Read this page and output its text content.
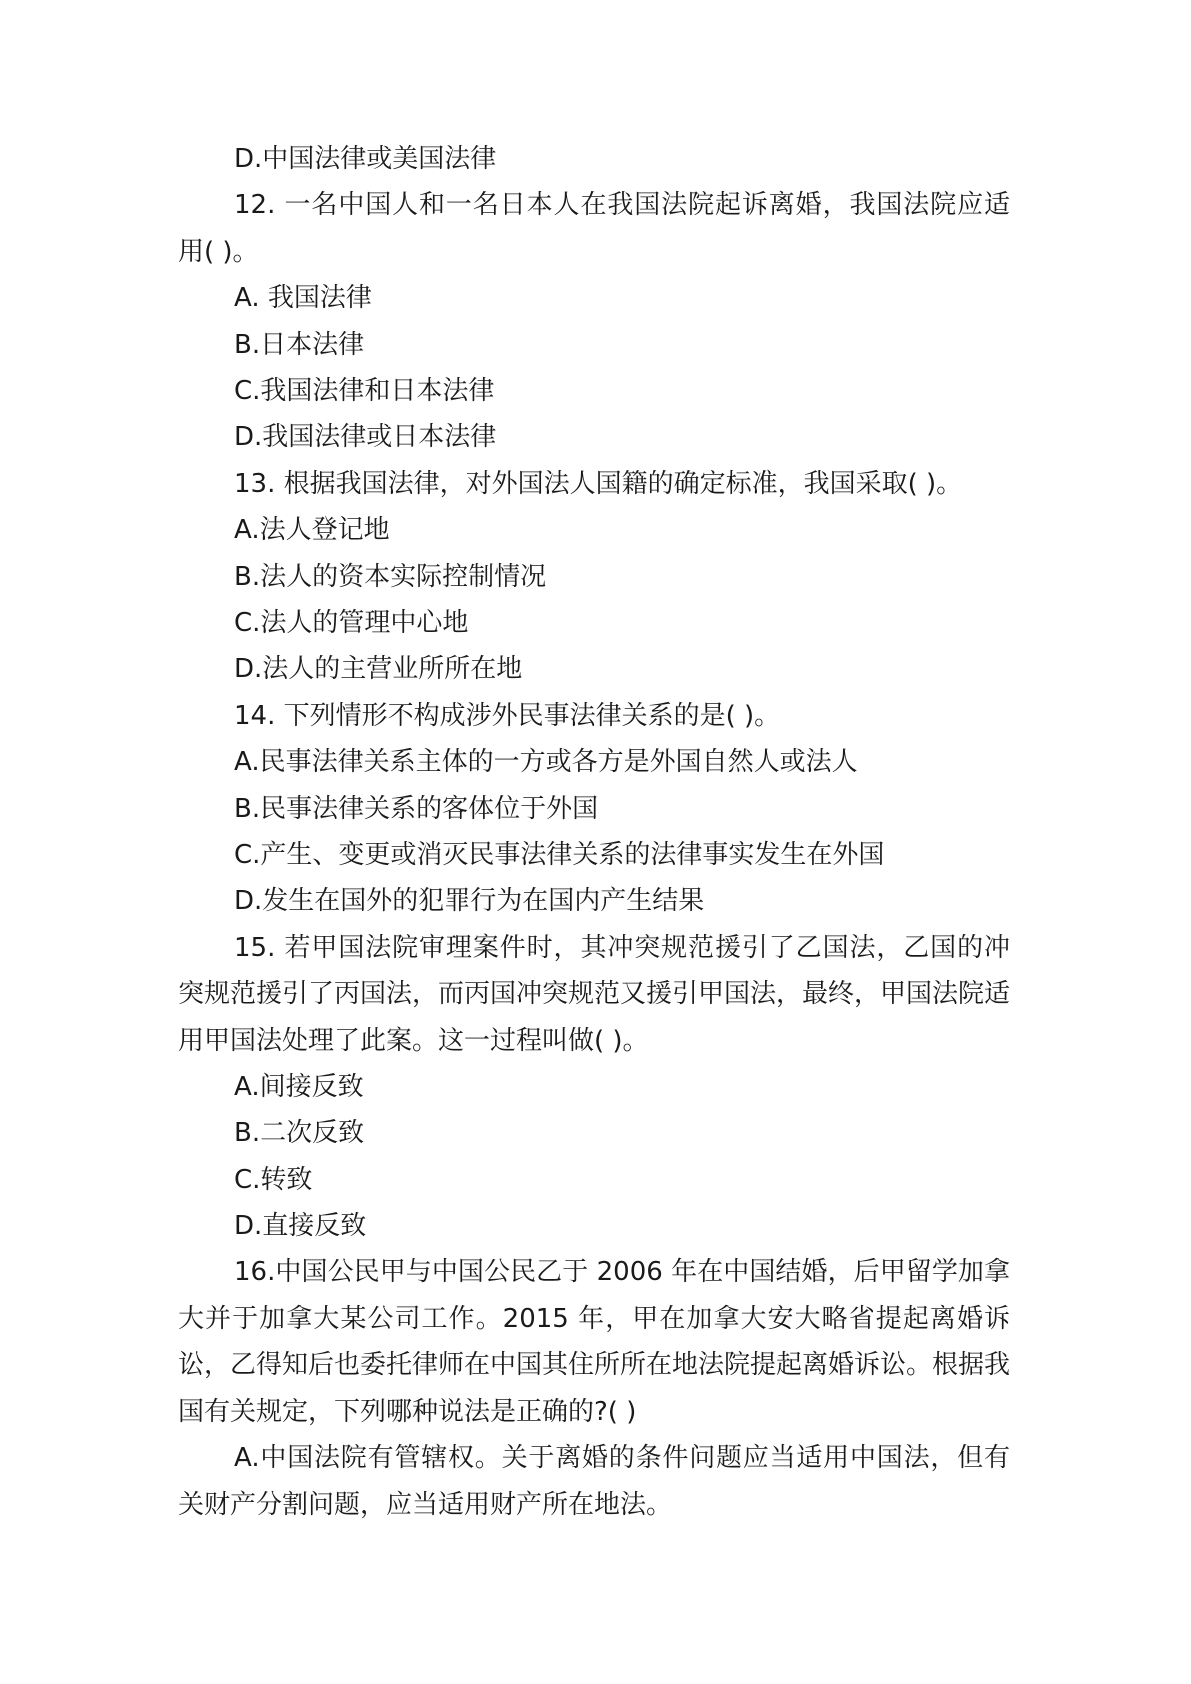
D.中国法律或美国法律
12. 一名中国人和一名日本人在我国法院起诉离婚，我国法院应适用( )。
A. 我国法律
B.日本法律
C.我国法律和日本法律
D.我国法律或日本法律
13. 根据我国法律，对外国法人国籍的确定标准，我国采取( )。
A.法人登记地
B.法人的资本实际控制情况
C.法人的管理中心地
D.法人的主营业所所在地
14. 下列情形不构成涉外民事法律关系的是( )。
A.民事法律关系主体的一方或各方是外国自然人或法人
B.民事法律关系的客体位于外国
C.产生、变更或消灭民事法律关系的法律事实发生在外国
D.发生在国外的犯罪行为在国内产生结果
15. 若甲国法院审理案件时，其冲突规范援引了乙国法，乙国的冲突规范援引了丙国法，而丙国冲突规范又援引甲国法，最终，甲国法院适用甲国法处理了此案。这一过程叫做( )。
A.间接反致
B.二次反致
C.转致
D.直接反致
16.中国公民甲与中国公民乙于 2006 年在中国结婚，后甲留学加拿大并于加拿大某公司工作。2015 年，甲在加拿大安大略省提起离婚诉讼，乙得知后也委托律师在中国其住所所在地法院提起离婚诉讼。根据我国有关规定，下列哪种说法是正确的?( )
A.中国法院有管辖权。关于离婚的条件问题应当适用中国法，但有关财产分割问题，应当适用财产所在地法。
